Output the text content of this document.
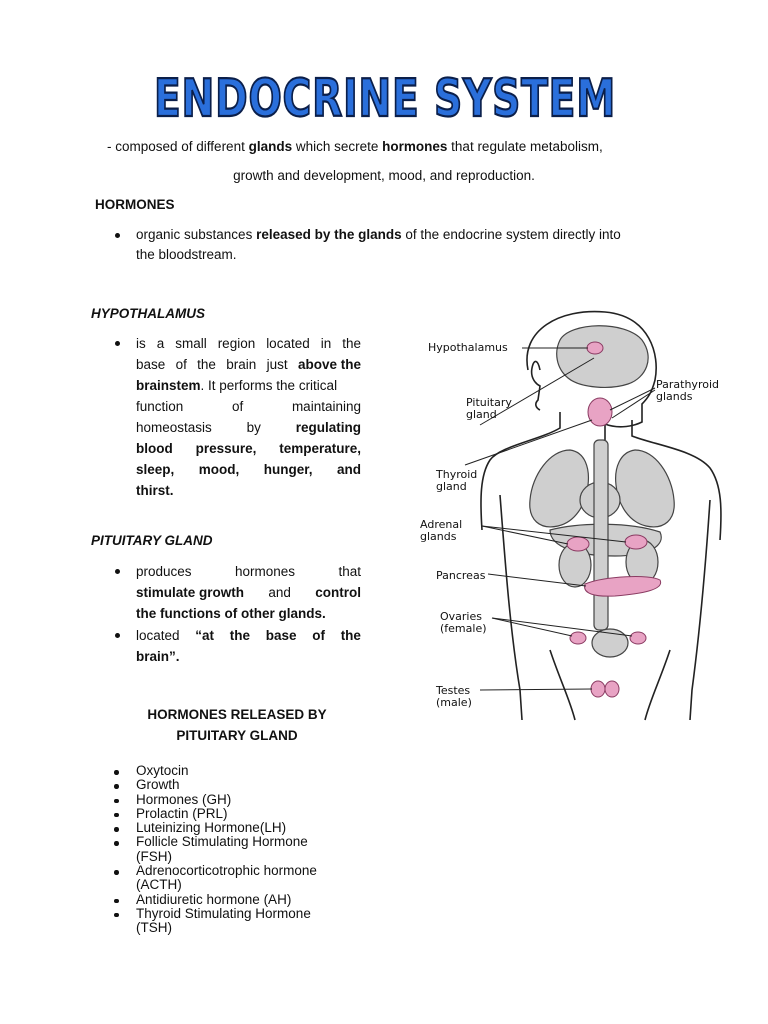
ENDOCRINE SYSTEM
- composed of different glands which secrete hormones that regulate metabolism,
growth and development, mood, and reproduction.
HORMONES
organic substances released by the glands of the endocrine system directly into
the bloodstream.
HYPOTHALAMUS
is a small region located in the
base of the brain just above the
brainstem. It performs the critical
function	of	maintaining
homeostasis	by	regulating
blood pressure, temperature,
sleep, mood, hunger, and
thirst.
PITUITARY GLAND
produces	hormones	that
stimulate growth and control
the functions of other glands.
located “at the base of the
brain”.
HORMONES RELEASED BY
PITUITARY GLAND
Oxytocin
Growth
Hormones (GH)
Prolactin (PRL)
Luteinizing Hormone(LH)
Follicle Stimulating Hormone
(FSH)
Adrenocorticotrophic hormone
(ACTH)
Antidiuretic hormone (AH)
Thyroid Stimulating Hormone
(TSH)
Hypothalamus
Pituitary
gland
Parathyroid
glands
Thyroid
gland
Adrenal
glands
Pancreas
Ovaries
(female)
Testes
(male)
